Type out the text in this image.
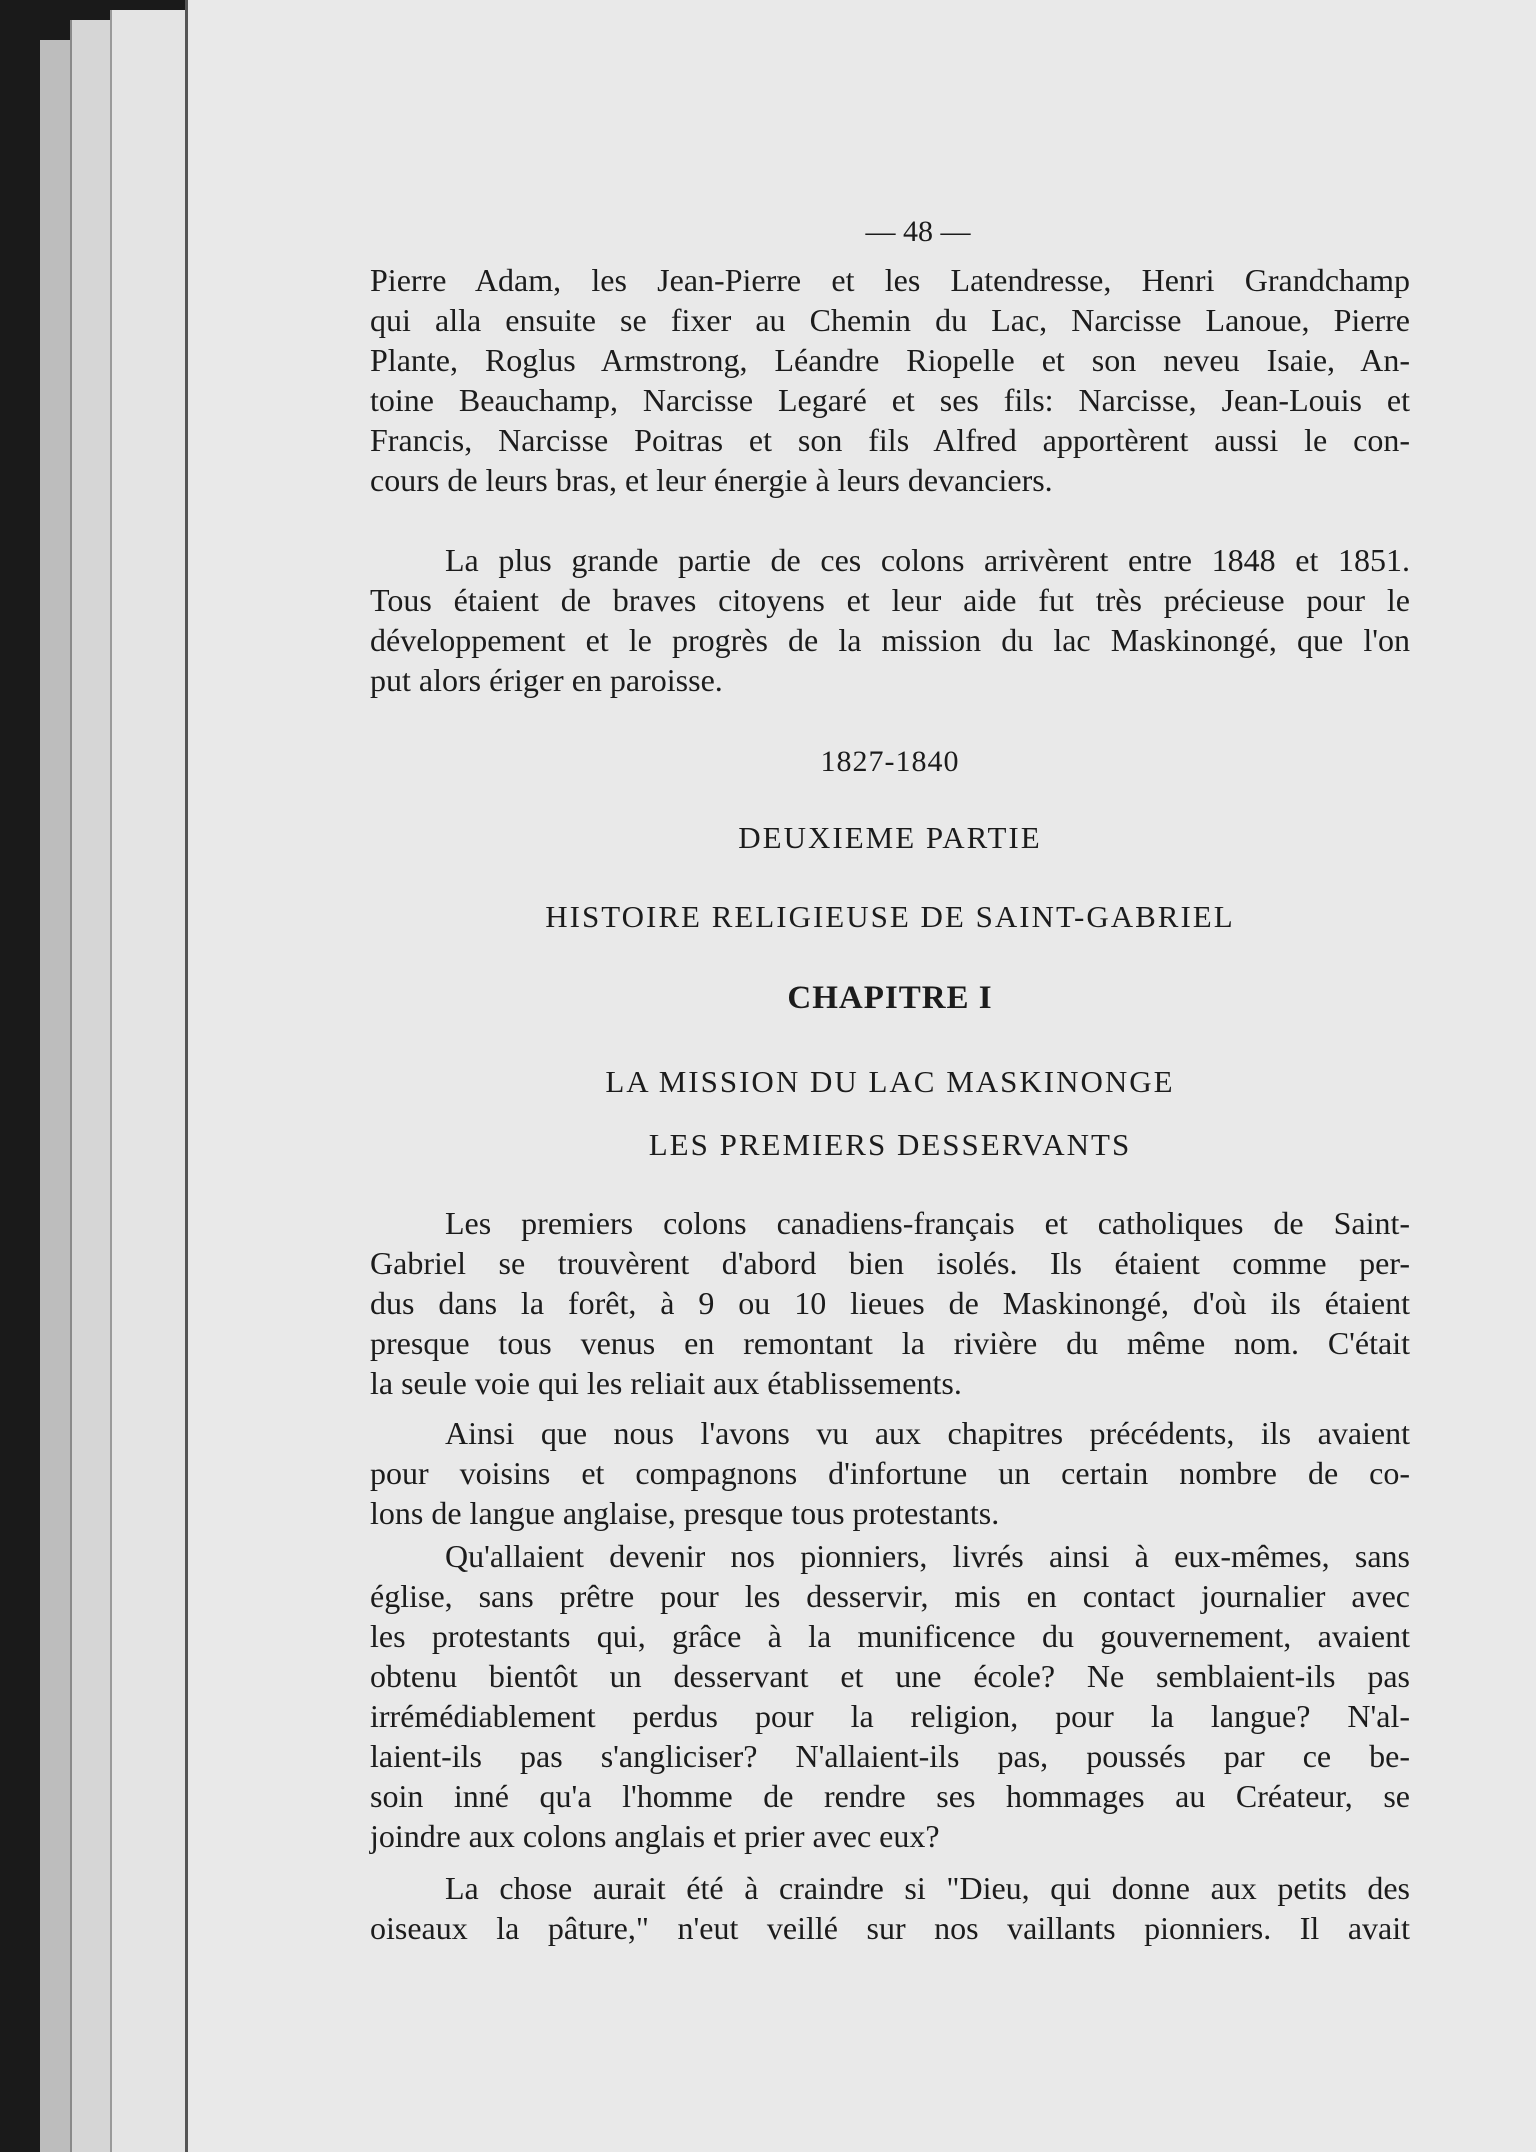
— 48 —
Pierre Adam, les Jean-Pierre et les Latendresse, Henri Grandchamp
qui alla ensuite se fixer au Chemin du Lac, Narcisse Lanoue, Pierre
Plante, Roglus Armstrong, Léandre Riopelle et son neveu Isaie, An-
toine Beauchamp, Narcisse Legaré et ses fils: Narcisse, Jean-Louis et
Francis, Narcisse Poitras et son fils Alfred apportèrent aussi le con-
cours de leurs bras, et leur énergie à leurs devanciers.
La plus grande partie de ces colons arrivèrent entre 1848 et 1851.
Tous étaient de braves citoyens et leur aide fut très précieuse pour le
développement et le progrès de la mission du lac Maskinongé, que l'on
put alors ériger en paroisse.
1827-1840
DEUXIEME PARTIE
HISTOIRE RELIGIEUSE DE SAINT-GABRIEL
CHAPITRE I
LA MISSION DU LAC MASKINONGE
LES PREMIERS DESSERVANTS
Les premiers colons canadiens-français et catholiques de Saint-
Gabriel se trouvèrent d'abord bien isolés. Ils étaient comme per-
dus dans la forêt, à 9 ou 10 lieues de Maskinongé, d'où ils étaient
presque tous venus en remontant la rivière du même nom. C'était
la seule voie qui les reliait aux établissements.
Ainsi que nous l'avons vu aux chapitres précédents, ils avaient
pour voisins et compagnons d'infortune un certain nombre de co-
lons de langue anglaise, presque tous protestants.
Qu'allaient devenir nos pionniers, livrés ainsi à eux-mêmes, sans
église, sans prêtre pour les desservir, mis en contact journalier avec
les protestants qui, grâce à la munificence du gouvernement, avaient
obtenu bientôt un desservant et une école? Ne semblaient-ils pas
irrémédiablement perdus pour la religion, pour la langue? N'al-
laient-ils pas s'angliciser? N'allaient-ils pas, poussés par ce be-
soin inné qu'a l'homme de rendre ses hommages au Créateur, se
joindre aux colons anglais et prier avec eux?
La chose aurait été à craindre si "Dieu, qui donne aux petits des
oiseaux la pâture," n'eut veillé sur nos vaillants pionniers. Il avait
